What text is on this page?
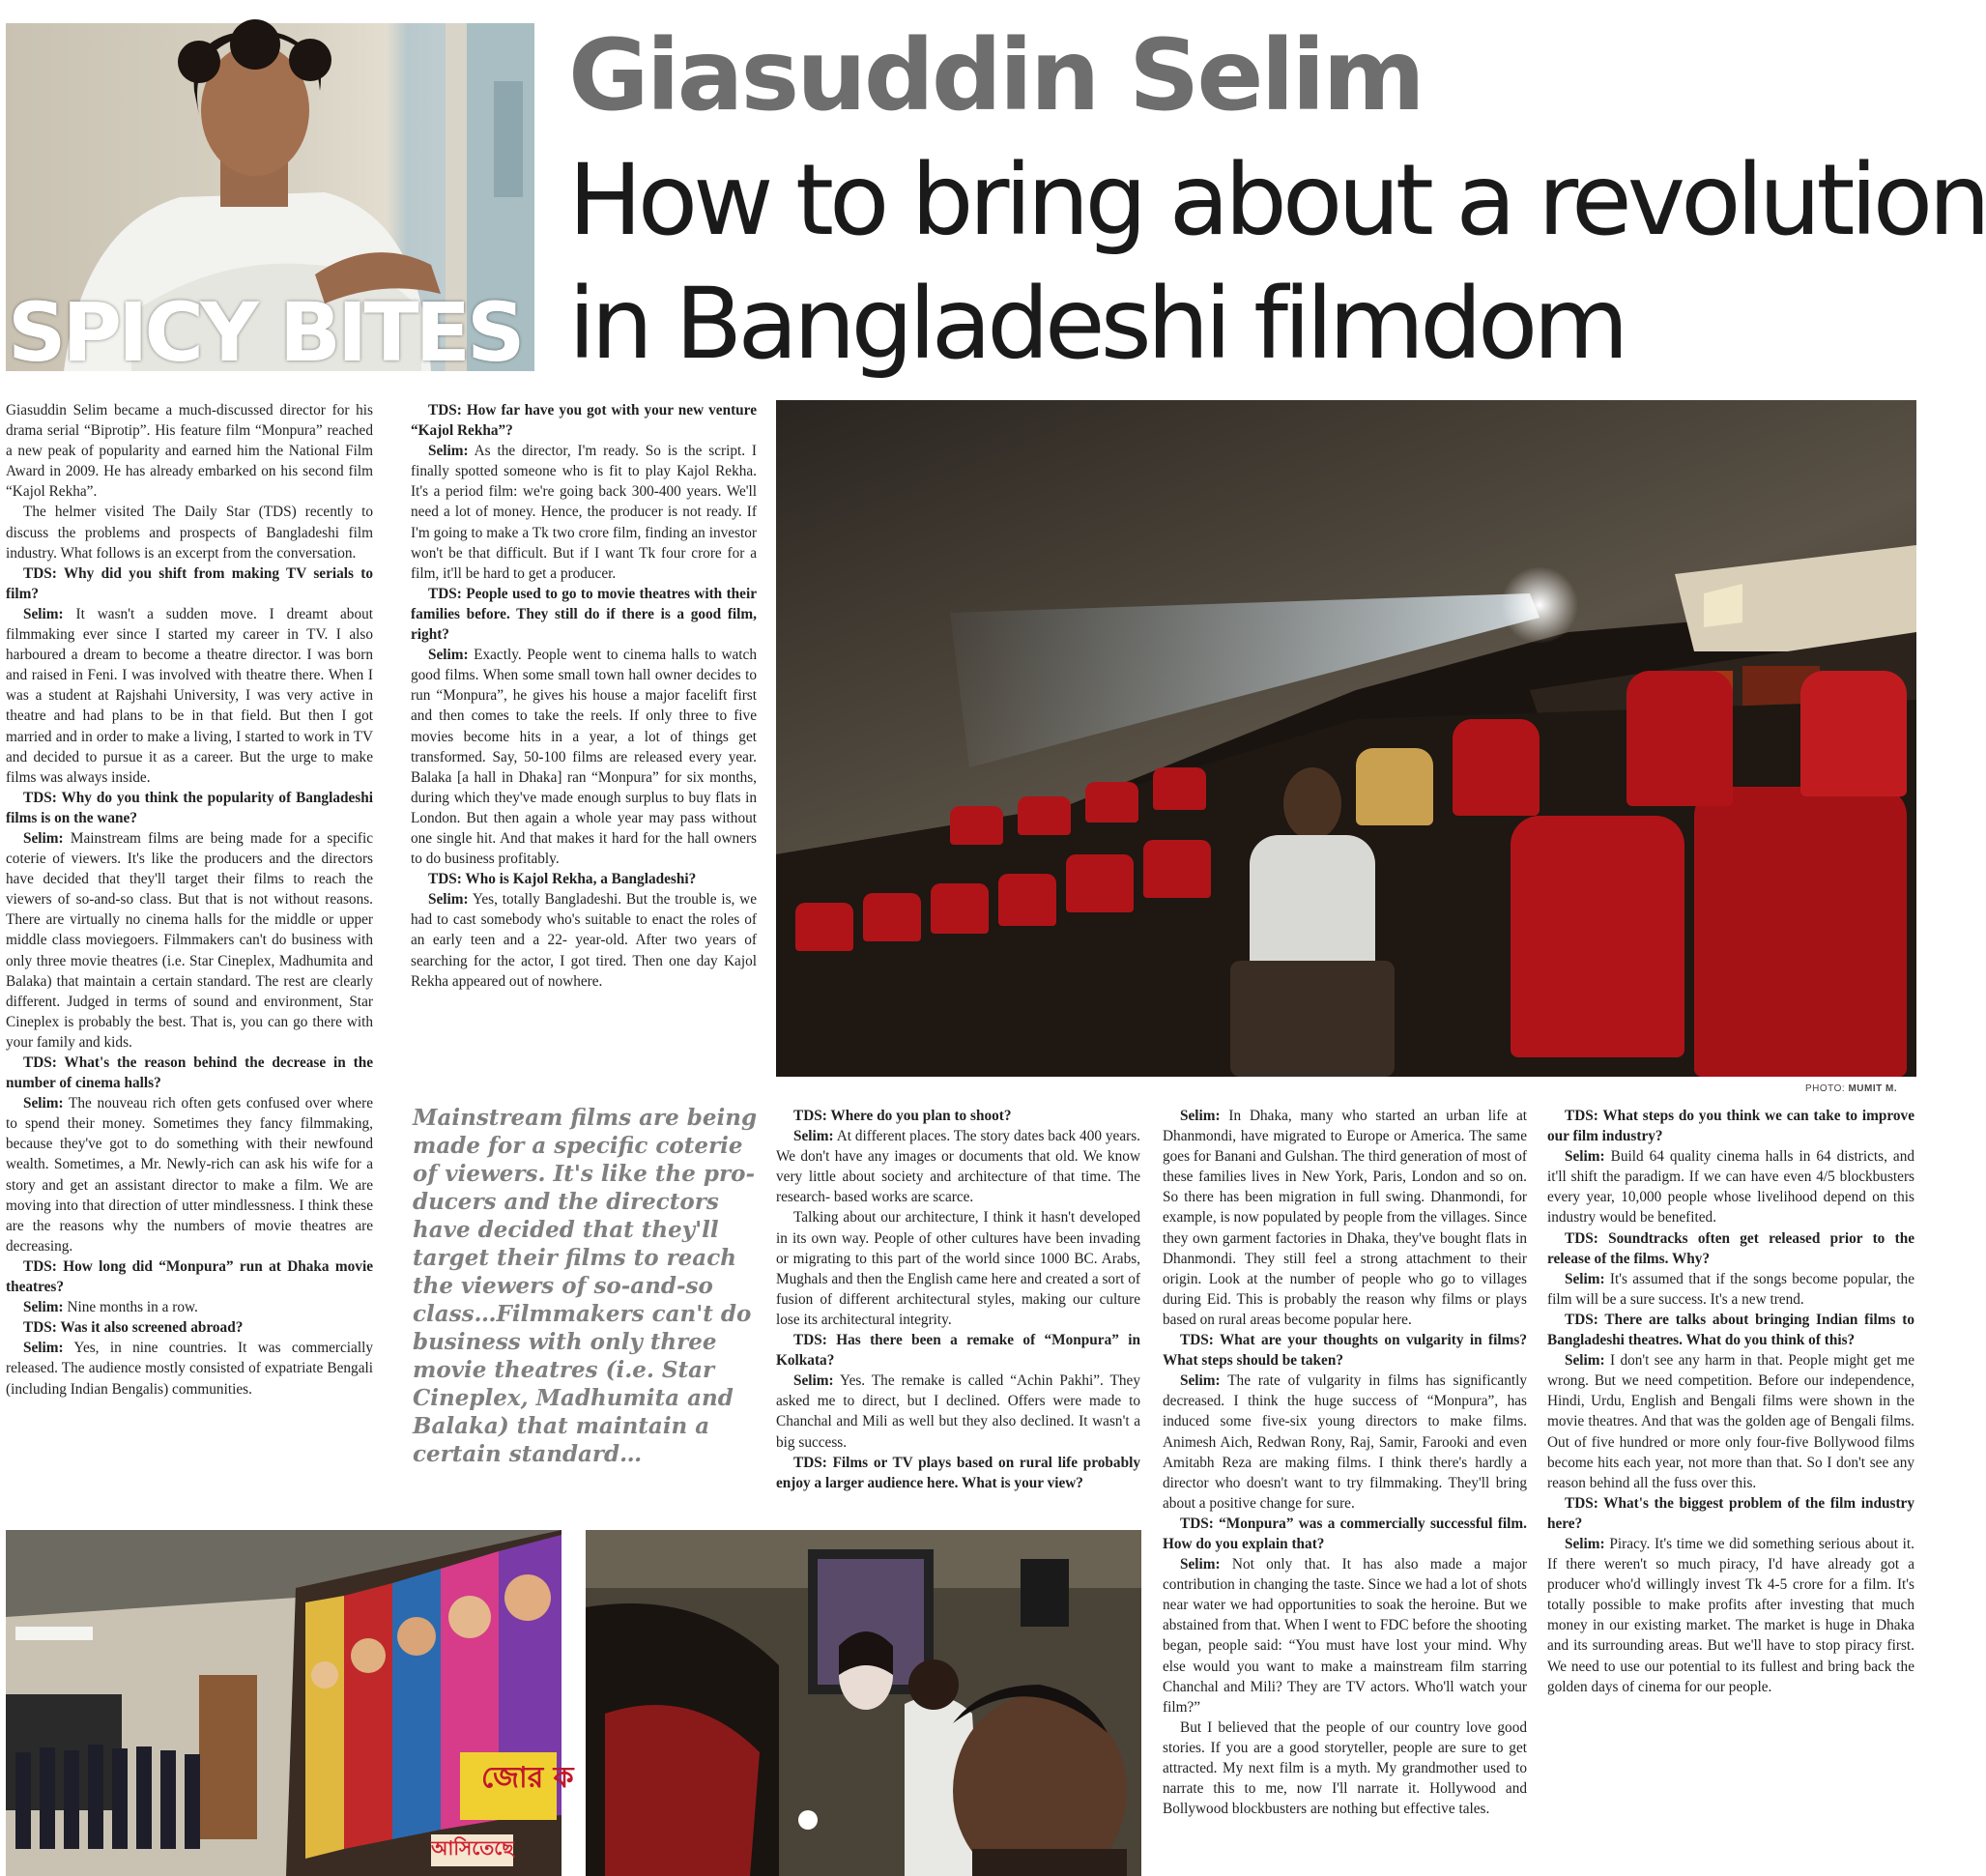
SPICY BITES
Giasuddin Selim
How to bring about a revolution
in Bangladeshi filmdom
PHOTO: MUMIT M.

Giasuddin Selim became a much-discussed director for his drama serial “Biprotip”. His feature film “Monpura” reached a new peak of popularity and earned him the National Film Award in 2009. He has already embarked on his second film “Kajol Rekha”.

The helmer visited The Daily Star (TDS) recently to discuss the problems and prospects of Bangladeshi film industry. What follows is an excerpt from the conversation.

TDS: Why did you shift from making TV serials to film?

Selim: It wasn't a sudden move. I dreamt about filmmaking ever since I started my career in TV. I also harboured a dream to become a theatre director. I was born and raised in Feni. I was involved with theatre there. When I was a student at Rajshahi University, I was very active in theatre and had plans to be in that field. But then I got married and in order to make a living, I started to work in TV and decided to pursue it as a career. But the urge to make films was always inside.

TDS: Why do you think the popularity of Bangladeshi films is on the wane?

Selim: Mainstream films are being made for a specific coterie of viewers. It's like the producers and the directors have decided that they'll target their films to reach the viewers of so-and-so class. But that is not without reasons. There are virtually no cinema halls for the middle or upper middle class moviegoers. Filmmakers can't do business with only three movie theatres (i.e. Star Cineplex, Madhumita and Balaka) that maintain a certain standard. The rest are clearly different. Judged in terms of sound and environment, Star Cineplex is probably the best. That is, you can go there with your family and kids.

TDS: What's the reason behind the decrease in the number of cinema halls?

Selim: The nouveau rich often gets confused over where to spend their money. Sometimes they fancy filmmaking, because they've got to do something with their newfound wealth. Sometimes, a Mr. Newly-rich can ask his wife for a story and get an assistant director to make a film. We are moving into that direction of utter mindlessness. I think these are the reasons why the numbers of movie theatres are decreasing.

TDS: How long did “Monpura” run at Dhaka movie theatres?

Selim: Nine months in a row.

TDS: Was it also screened abroad?

Selim: Yes, in nine countries. It was commercially released. The audience mostly consisted of expatriate Bengali (including Indian Bengalis) communities.

TDS: How far have you got with your new venture “Kajol Rekha”?

Selim: As the director, I'm ready. So is the script. I finally spotted someone who is fit to play Kajol Rekha. It's a period film: we're going back 300-400 years. We'll need a lot of money. Hence, the producer is not ready. If I'm going to make a Tk two crore film, finding an investor won't be that difficult. But if I want Tk four crore for a film, it'll be hard to get a producer.

TDS: People used to go to movie theatres with their families before. They still do if there is a good film, right?

Selim: Exactly. People went to cinema halls to watch good films. When some small town hall owner decides to run “Monpura”, he gives his house a major facelift first and then comes to take the reels. If only three to five movies become hits in a year, a lot of things get transformed. Say, 50-100 films are released every year. Balaka [a hall in Dhaka] ran “Monpura” for six months, during which they've made enough surplus to buy flats in London. But then again a whole year may pass without one single hit. And that makes it hard for the hall owners to do business profitably.

TDS: Who is Kajol Rekha, a Bangladeshi?

Selim: Yes, totally Bangladeshi. But the trouble is, we had to cast somebody who's suitable to enact the roles of an early teen and a 22- year-old. After two years of searching for the actor, I got tired. Then one day Kajol Rekha appeared out of nowhere.

TDS: Where do you plan to shoot?

Selim: At different places. The story dates back 400 years. We don't have any images or documents that old. We know very little about society and architecture of that time. The research- based works are scarce.

Talking about our architecture, I think it hasn't developed in its own way. People of other cultures have been invading or migrating to this part of the world since 1000 BC. Arabs, Mughals and then the English came here and created a sort of fusion of different architectural styles, making our culture lose its architectural integrity.

TDS: Has there been a remake of “Monpura” in Kolkata?

Selim: Yes. The remake is called “Achin Pakhi”. They asked me to direct, but I declined. Offers were made to Chanchal and Mili as well but they also declined. It wasn't a big success.

TDS: Films or TV plays based on rural life probably enjoy a larger audience here. What is your view?

Selim: In Dhaka, many who started an urban life at Dhanmondi, have migrated to Europe or America. The same goes for Banani and Gulshan. The third generation of most of these families lives in New York, Paris, London and so on. So there has been migration in full swing. Dhanmondi, for example, is now populated by people from the villages. Since they own garment factories in Dhaka, they've bought flats in Dhanmondi. They still feel a strong attachment to their origin. Look at the number of people who go to villages during Eid. This is probably the reason why films or plays based on rural areas become popular here.

TDS: What are your thoughts on vulgarity in films? What steps should be taken?

Selim: The rate of vulgarity in films has significantly decreased. I think the huge success of “Monpura”, has induced some five-six young directors to make films. Animesh Aich, Redwan Rony, Raj, Samir, Farooki and even Amitabh Reza are making films. I think there's hardly a director who doesn't want to try filmmaking. They'll bring about a positive change for sure.

TDS: “Monpura” was a commercially successful film. How do you explain that?

Selim: Not only that. It has also made a major contribution in changing the taste. Since we had a lot of shots near water we had opportunities to soak the heroine. But we abstained from that. When I went to FDC before the shooting began, people said: “You must have lost your mind. Why else would you want to make a mainstream film starring Chanchal and Mili? They are TV actors. Who'll watch your film?”

But I believed that the people of our country love good stories. If you are a good storyteller, people are sure to get attracted. My next film is a myth. My grandmother used to narrate this to me, now I'll narrate it. Hollywood and Bollywood blockbusters are nothing but effective tales.

TDS: What steps do you think we can take to improve our film industry?

Selim: Build 64 quality cinema halls in 64 districts, and it'll shift the paradigm. If we can have even 4/5 blockbusters every year, 10,000 people whose livelihood depend on this industry would be benefited.

TDS: Soundtracks often get released prior to the release of the films. Why?

Selim: It's assumed that if the songs become popular, the film will be a sure success. It's a new trend.

TDS: There are talks about bringing Indian films to Bangladeshi theatres. What do you think of this?

Selim: I don't see any harm in that. People might get me wrong. But we need competition. Before our independence, Hindi, Urdu, English and Bengali films were shown in the movie theatres. And that was the golden age of Bengali films. Out of five hundred or more only four-five Bollywood films become hits each year, not more than that. So I don't see any reason behind all the fuss over this.

TDS: What's the biggest problem of the film industry here?

Selim: Piracy. It's time we did something serious about it. If there weren't so much piracy, I'd have already got a producer who'd willingly invest Tk 4-5 crore for a film. It's totally possible to make profits after investing that much money in our existing market. The market is huge in Dhaka and its surrounding areas. But we'll have to stop piracy first. We need to use our potential to its fullest and bring back the golden days of cinema for our people.

Mainstream films are being
made for a specific coterie
of viewers. It's like the pro-
ducers and the directors
have decided that they'll
target their films to reach
the viewers of so-and-so
class…Filmmakers can't do
business with only three
movie theatres (i.e. Star
Cineplex, Madhumita and
Balaka) that maintain a
certain standard…
জোর ক
আসিতেছে
